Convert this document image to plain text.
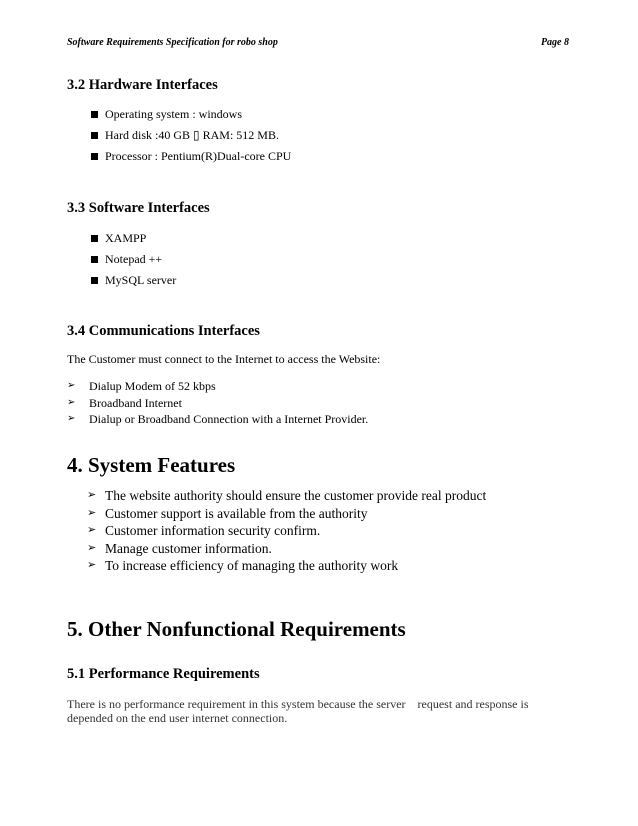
Software Requirements Specification for robo shop	Page 8
3.2 Hardware Interfaces
Operating system : windows
Hard disk :40 GB ▯ RAM: 512 MB.
Processor : Pentium(R)Dual-core CPU
3.3 Software Interfaces
XAMPP
Notepad ++
MySQL server
3.4 Communications Interfaces
The Customer must connect to the Internet to access the Website:
➢ Dialup Modem of 52 kbps
➢ Broadband Internet
➢ Dialup or Broadband Connection with a Internet Provider.
4. System Features
➢ The website authority should ensure the customer provide real product
➢ Customer support is available from the authority
➢ Customer information security confirm.
➢ Manage customer information.
➢ To increase efficiency of managing the authority work
5. Other Nonfunctional Requirements
5.1 Performance Requirements
There is no performance requirement in this system because the server    request and response is depended on the end user internet connection.
